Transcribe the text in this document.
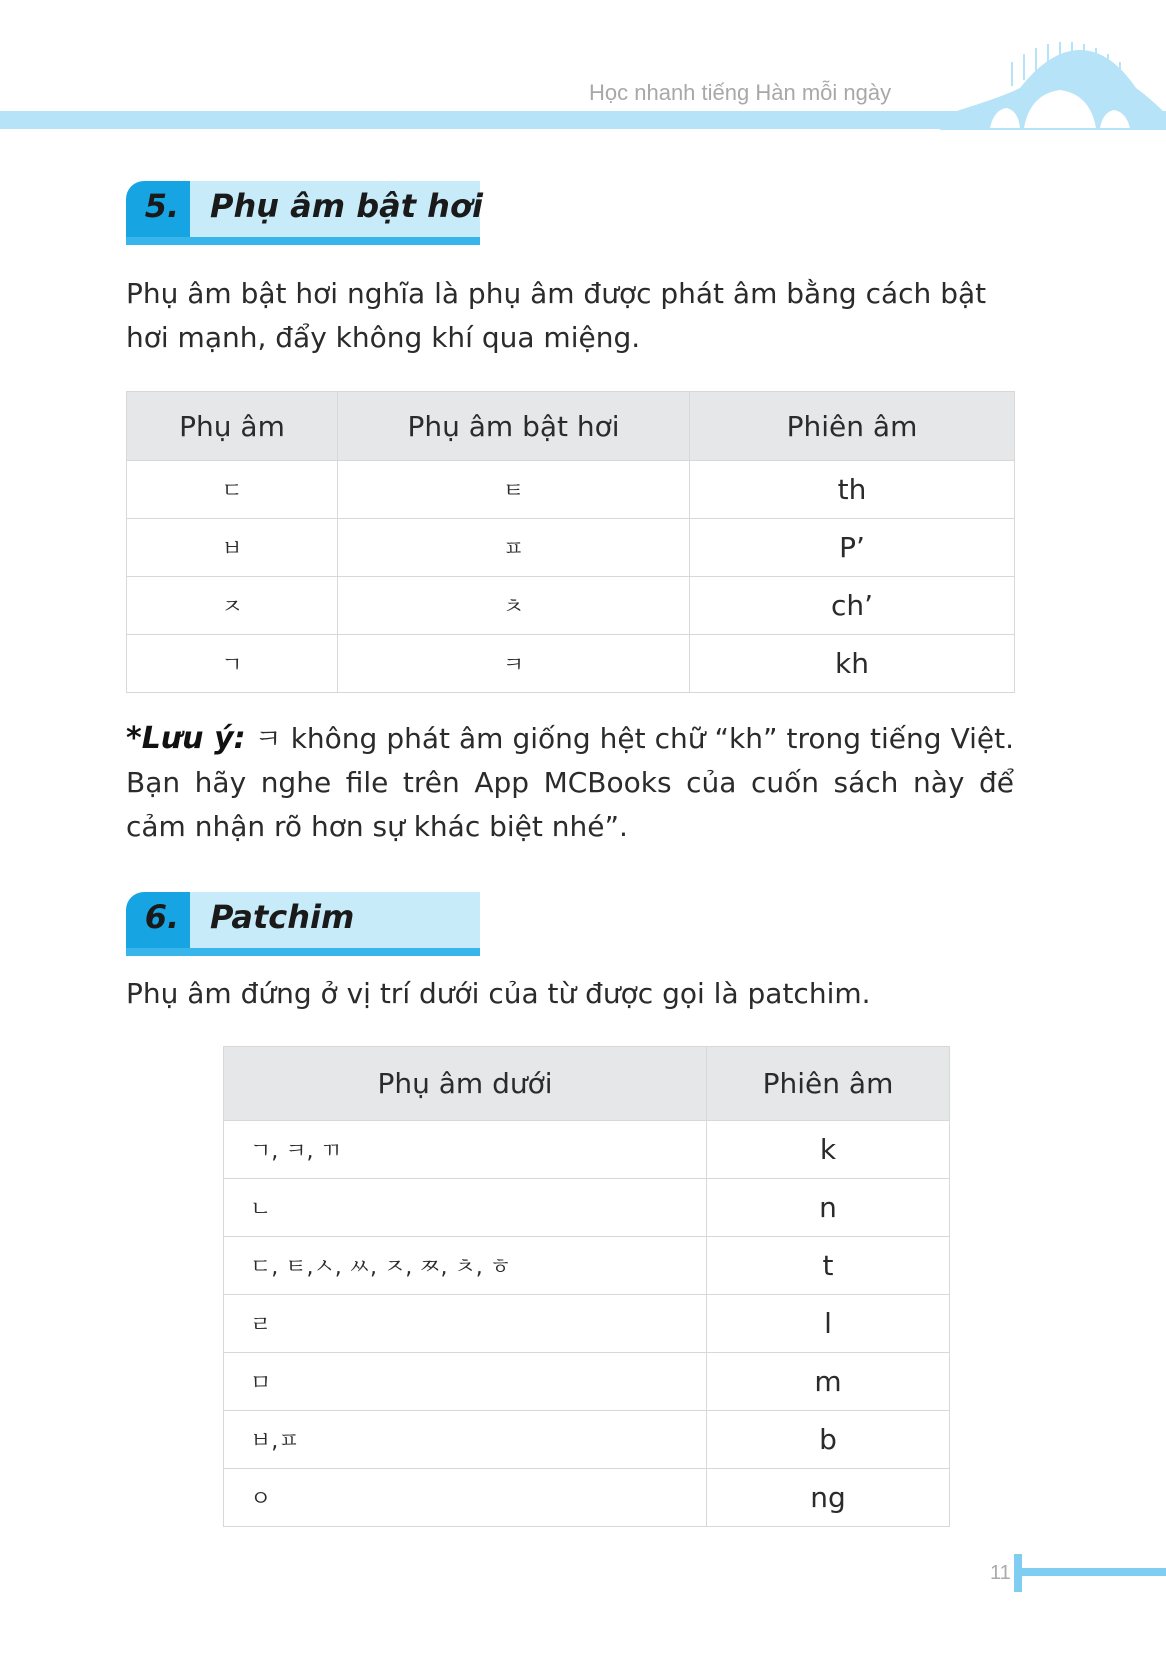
Học nhanh tiếng Hàn mỗi ngày
5. Phụ âm bật hơi
Phụ âm bật hơi nghĩa là phụ âm được phát âm bằng cách bật hơi mạnh, đẩy không khí qua miệng.
Phụ âm	Phụ âm bật hơi	Phiên âm
ㄷ	ㅌ	th
ㅂ	ㅍ	P’
ㅈ	ㅊ	ch’
ㄱ	ㅋ	kh
*Lưu ý: ㅋ không phát âm giống hệt chữ “kh” trong tiếng Việt. Bạn hãy nghe file trên App MCBooks của cuốn sách này để cảm nhận rõ hơn sự khác biệt nhé”.
6. Patchim
Phụ âm đứng ở vị trí dưới của từ được gọi là patchim.
Phụ âm dưới	Phiên âm
ㄱ, ㅋ, ㄲ	k
ㄴ	n
ㄷ, ㅌ,ㅅ, ㅆ, ㅈ, ㅉ, ㅊ, ㅎ	t
ㄹ	l
ㅁ	m
ㅂ,ㅍ	b
ㅇ	ng
11
